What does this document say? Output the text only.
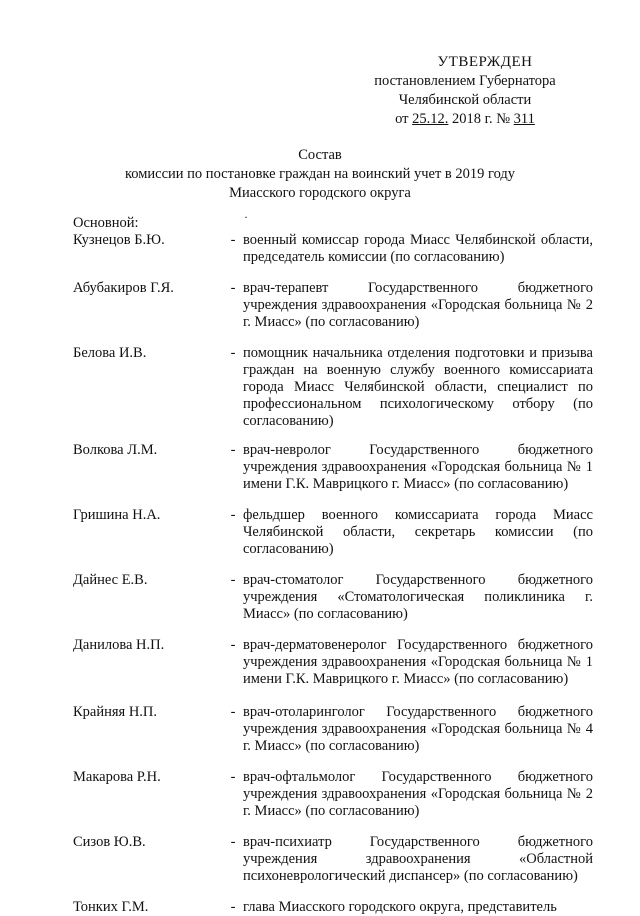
УТВЕРЖДЕН
постановлением Губернатора
Челябинской области
от 25.12. 2018 г. № 311
Состав
комиссии по постановке граждан на воинский учет в 2019 году
Миасского городского округа
·
Основной:
Кузнецов Б.Ю.	- военный комиссар города Миасс Челябинской области, председатель комиссии (по согласованию)
Абубакиров Г.Я.	- врач-терапевт Государственного бюджетного учреждения здравоохранения «Городская больница № 2 г. Миасс» (по согласованию)
Белова И.В.	- помощник начальника отделения подготовки и призыва граждан на военную службу военного комиссариата города Миасс Челябинской области, специалист по профессиональном психологическому отбору (по согласованию)
Волкова Л.М.	- врач-невролог Государственного бюджетного учреждения здравоохранения «Городская больница № 1 имени Г.К. Маврицкого г. Миасс» (по согласованию)
Гришина Н.А.	- фельдшер военного комиссариата города Миасс Челябинской области, секретарь комиссии (по согласованию)
Дайнес Е.В.	- врач-стоматолог Государственного бюджетного учреждения «Стоматологическая поликлиника г. Миасс» (по согласованию)
Данилова Н.П.	- врач-дерматовенеролог Государственного бюджетного учреждения здравоохранения «Городская больница № 1 имени Г.К. Маврицкого г. Миасс» (по согласованию)
Крайняя Н.П.	- врач-отоларинголог Государственного бюджетного учреждения здравоохранения «Городская больница № 4 г. Миасс» (по согласованию)
Макарова Р.Н.	- врач-офтальмолог Государственного бюджетного учреждения здравоохранения «Городская больница № 2 г. Миасс» (по согласованию)
Сизов Ю.В.	- врач-психиатр Государственного бюджетного учреждения здравоохранения «Областной психоневрологический диспансер» (по согласованию)
Тонких Г.М.	- глава Миасского городского округа, представитель
